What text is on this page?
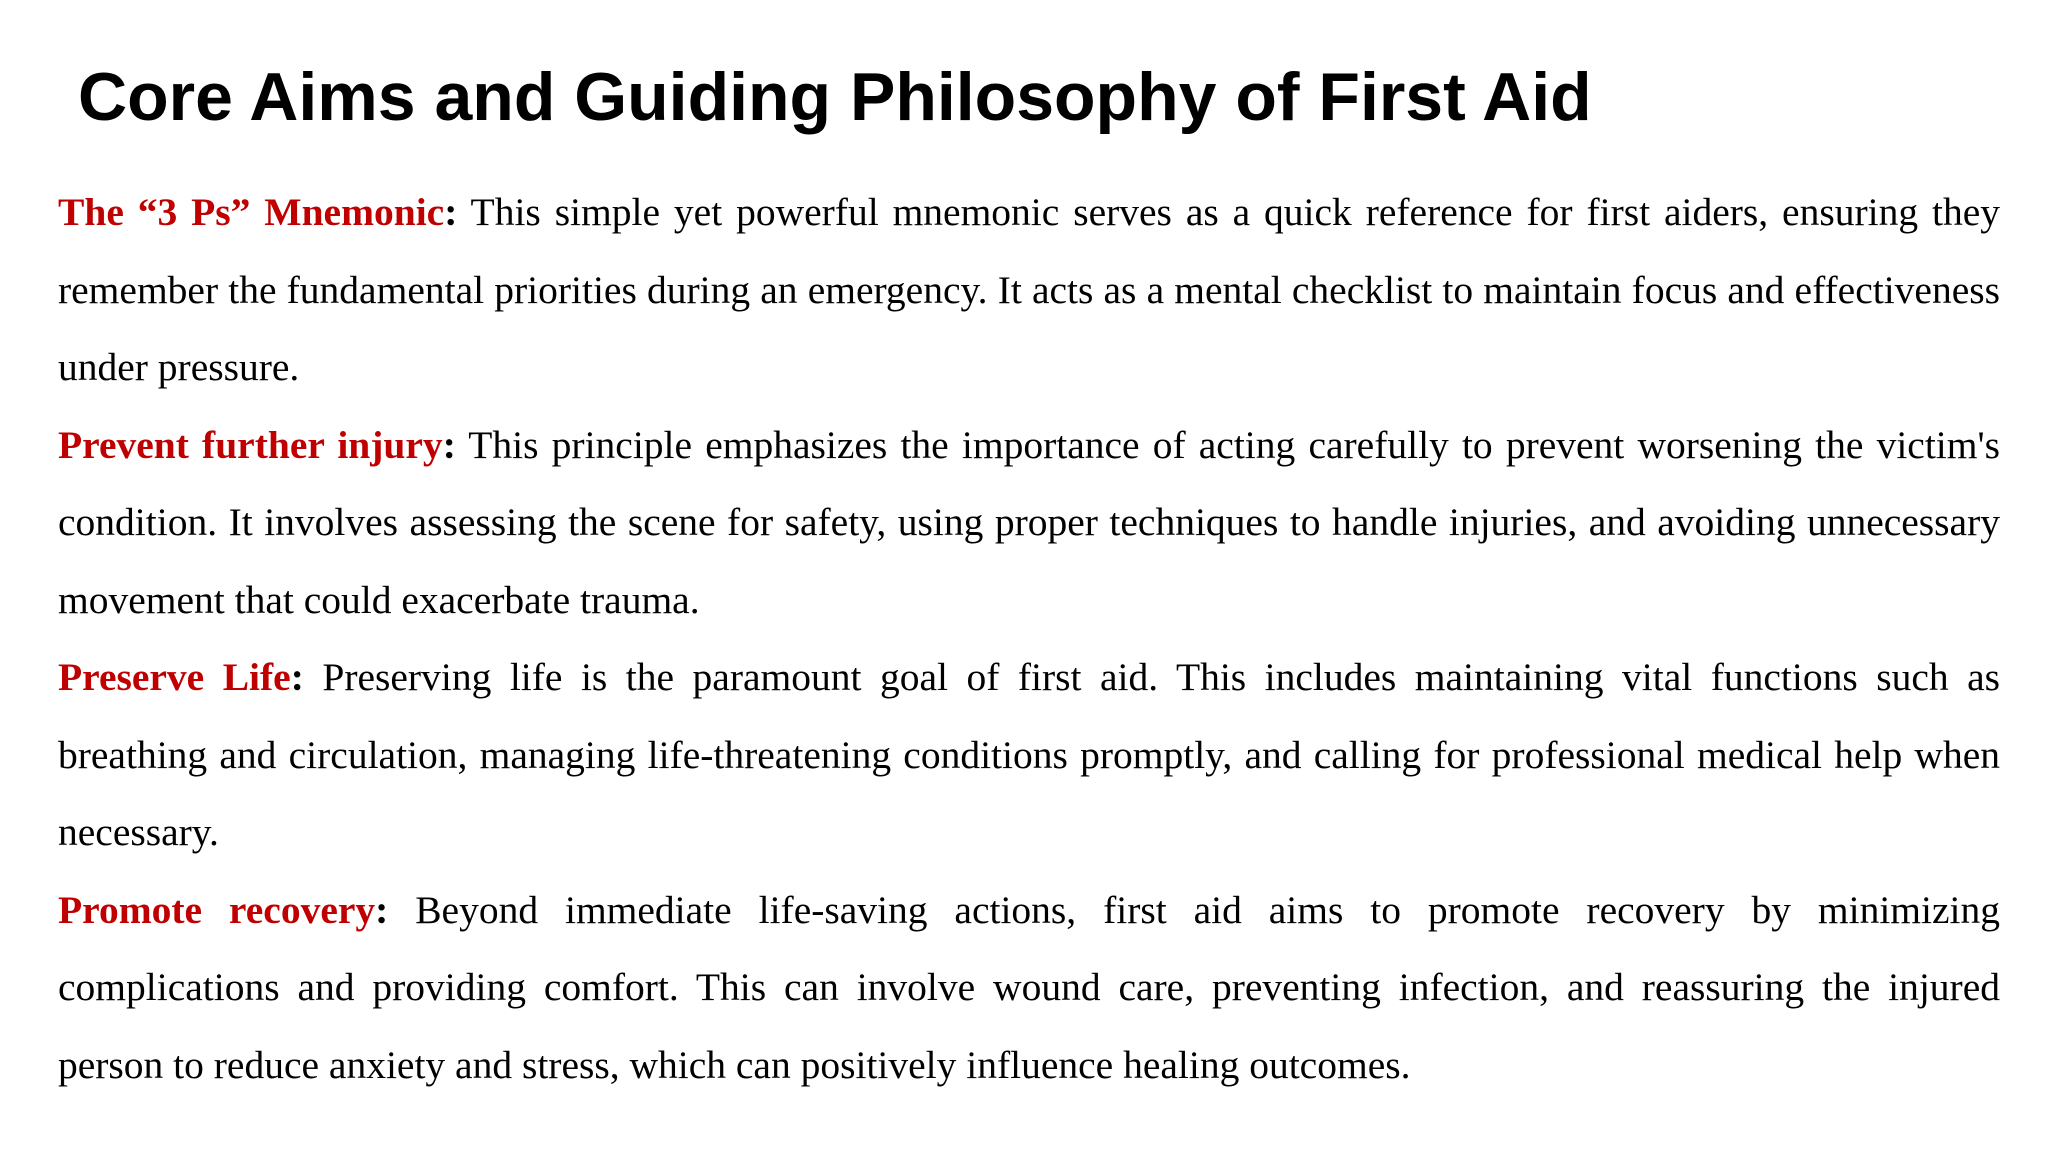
Core Aims and Guiding Philosophy of First Aid

The “3 Ps” Mnemonic: This simple yet powerful mnemonic serves as a quick reference for first aiders, ensuring they remember the fundamental priorities during an emergency. It acts as a mental checklist to maintain focus and effectiveness under pressure.

Prevent further injury: This principle emphasizes the importance of acting carefully to prevent worsening the victim's condition. It involves assessing the scene for safety, using proper techniques to handle injuries, and avoiding unnecessary movement that could exacerbate trauma.

Preserve Life: Preserving life is the paramount goal of first aid. This includes maintaining vital functions such as breathing and circulation, managing life-threatening conditions promptly, and calling for professional medical help when necessary.

Promote recovery: Beyond immediate life-saving actions, first aid aims to promote recovery by minimizing complications and providing comfort. This can involve wound care, preventing infection, and reassuring the injured person to reduce anxiety and stress, which can positively influence healing outcomes.
